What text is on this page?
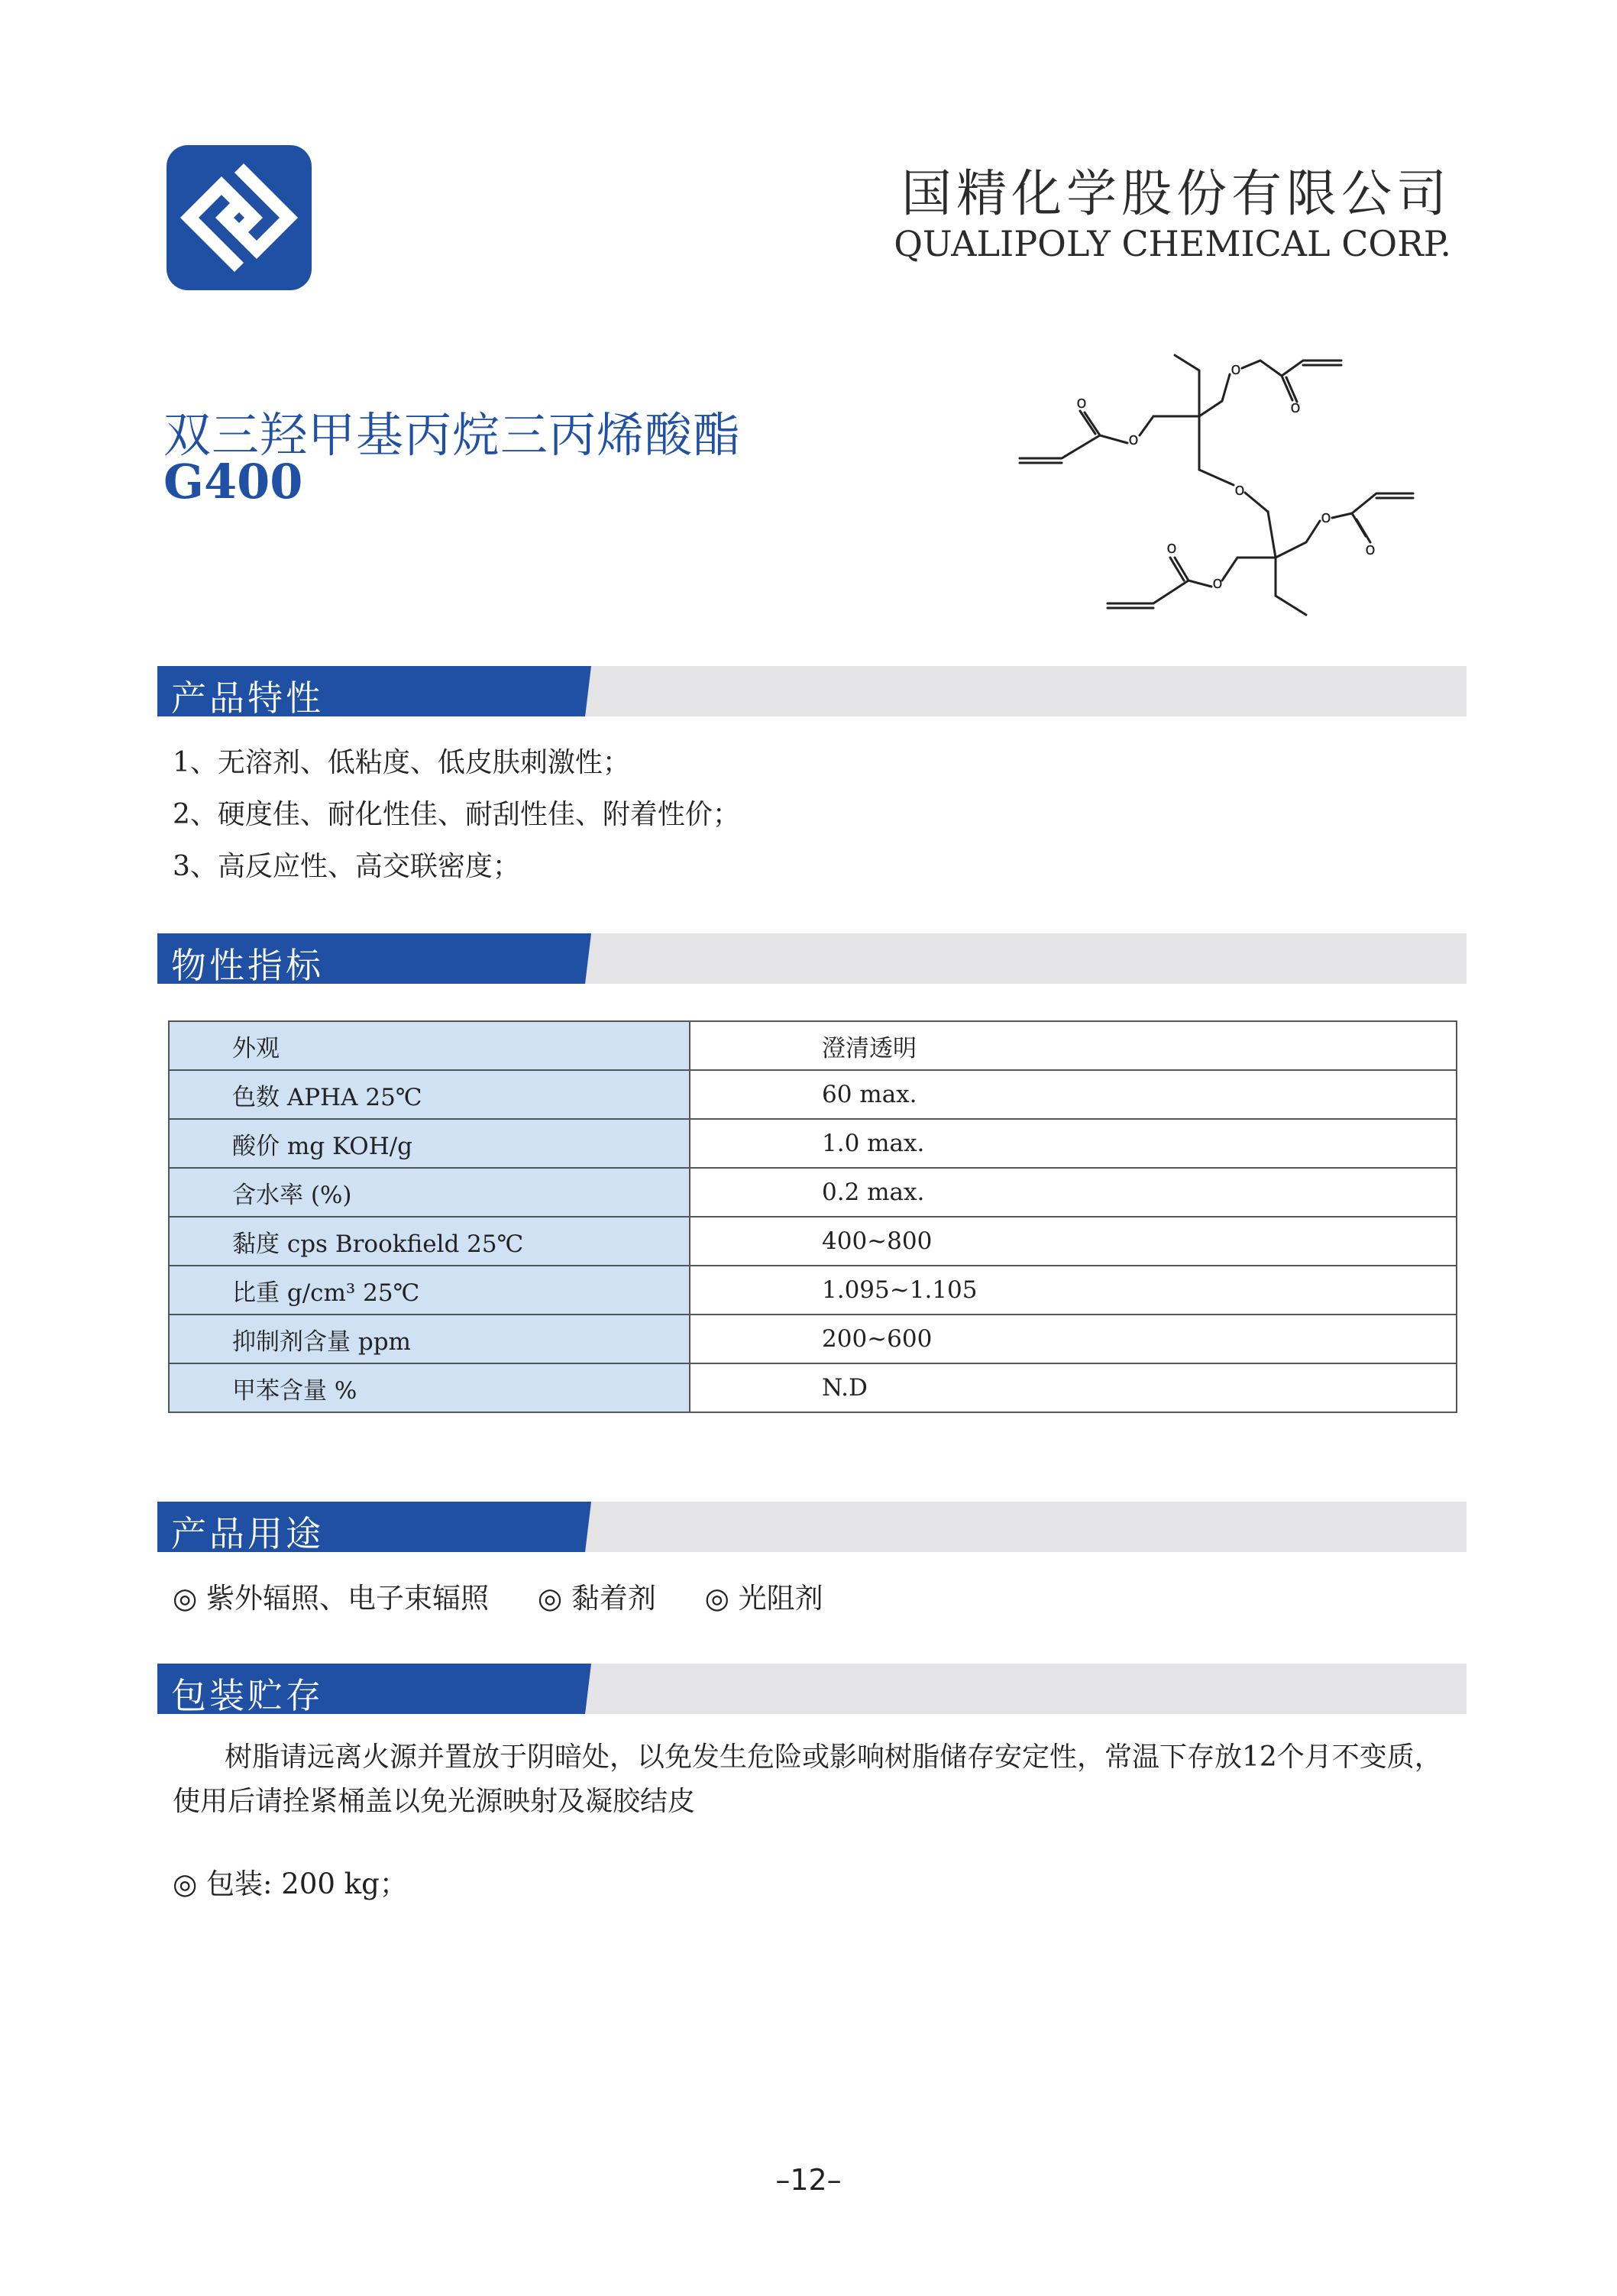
国精化学股份有限公司
QUALIPOLY CHEMICAL CORP.
双三羟甲基丙烷三丙烯酸酯
G400
o
o
o
o
o
o
o
o
o
产品特性
1、无溶剂、低粘度、低皮肤刺激性；
2、硬度佳、耐化性佳、耐刮性佳、附着性价；
3、高反应性、高交联密度；
物性指标
外观	澄清透明
色数 APHA 25℃	60 max.
酸价 mg KOH/g	1.0 max.
含水率 (%)	0.2 max.
黏度 cps Brookfield 25℃	400~800
比重 g/cm³ 25℃	1.095~1.105
抑制剂含量 ppm	200~600
甲苯含量 %	N.D
产品用途
◎ 紫外辐照、电子束辐照 ◎ 黏着剂 ◎ 光阻剂
包装贮存
树脂请远离火源并置放于阴暗处，以免发生危险或影响树脂储存安定性，常温下存放12个月不变质，使用后请拴紧桶盖以免光源映射及凝胶结皮
◎ 包装: 200 kg；
–12–
